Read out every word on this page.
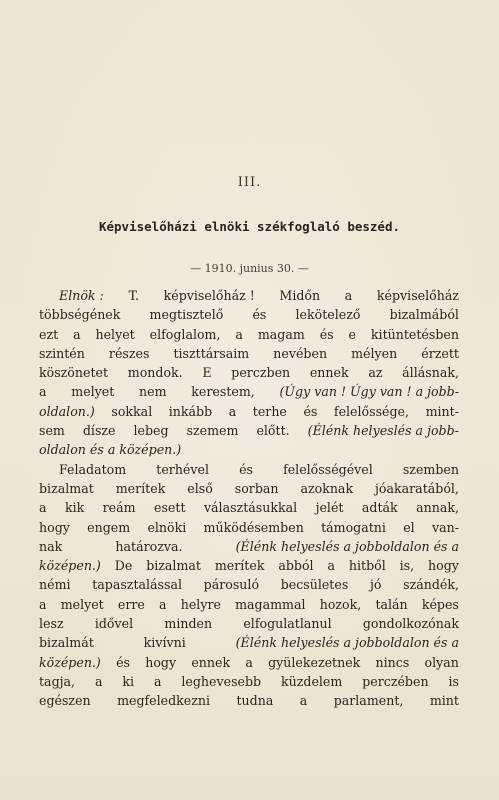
III.
Képviselőházi elnöki székfoglaló beszéd.
— 1910. junius 30. —
Elnök : T. képviselőház ! Midőn a képviselőház
többségének megtisztelő és lekötelező bizalmából
ezt a helyet elfoglalom, a magam és e kitüntetésben
szintén részes tiszttársaim nevében mélyen érzett
köszönetet mondok. E perczben ennek az állásnak,
a melyet nem kerestem, (Úgy van ! Úgy van ! a jobb-
oldalon.) sokkal inkább a terhe és felelőssége, mint-
sem dísze lebeg szemem előtt. (Élénk helyeslés a jobb-
oldalon és a középen.)
Feladatom terhével és felelősségével szemben
bizalmat merítek első sorban azoknak jóakaratából,
a kik reám esett választásukkal jelét adták annak,
hogy engem elnöki működésemben támogatni el van-
nak	határozva.	(Élénk helyeslés a jobboldalon és a
középen.) De bizalmat merítek abból a hitből is, hogy
némi tapasztalással párosuló becsületes jó szándék,
a melyet erre a helyre magammal hozok, talán képes
lesz idővel minden elfogulatlanul gondolkozónak
bizalmát	kivívni	(Élénk helyeslés a jobboldalon és a
középen.) és hogy ennek a gyülekezetnek nincs olyan
tagja, a ki a leghevesebb küzdelem perczében is
egészen megfeledkezni tudna a parlament, mint
